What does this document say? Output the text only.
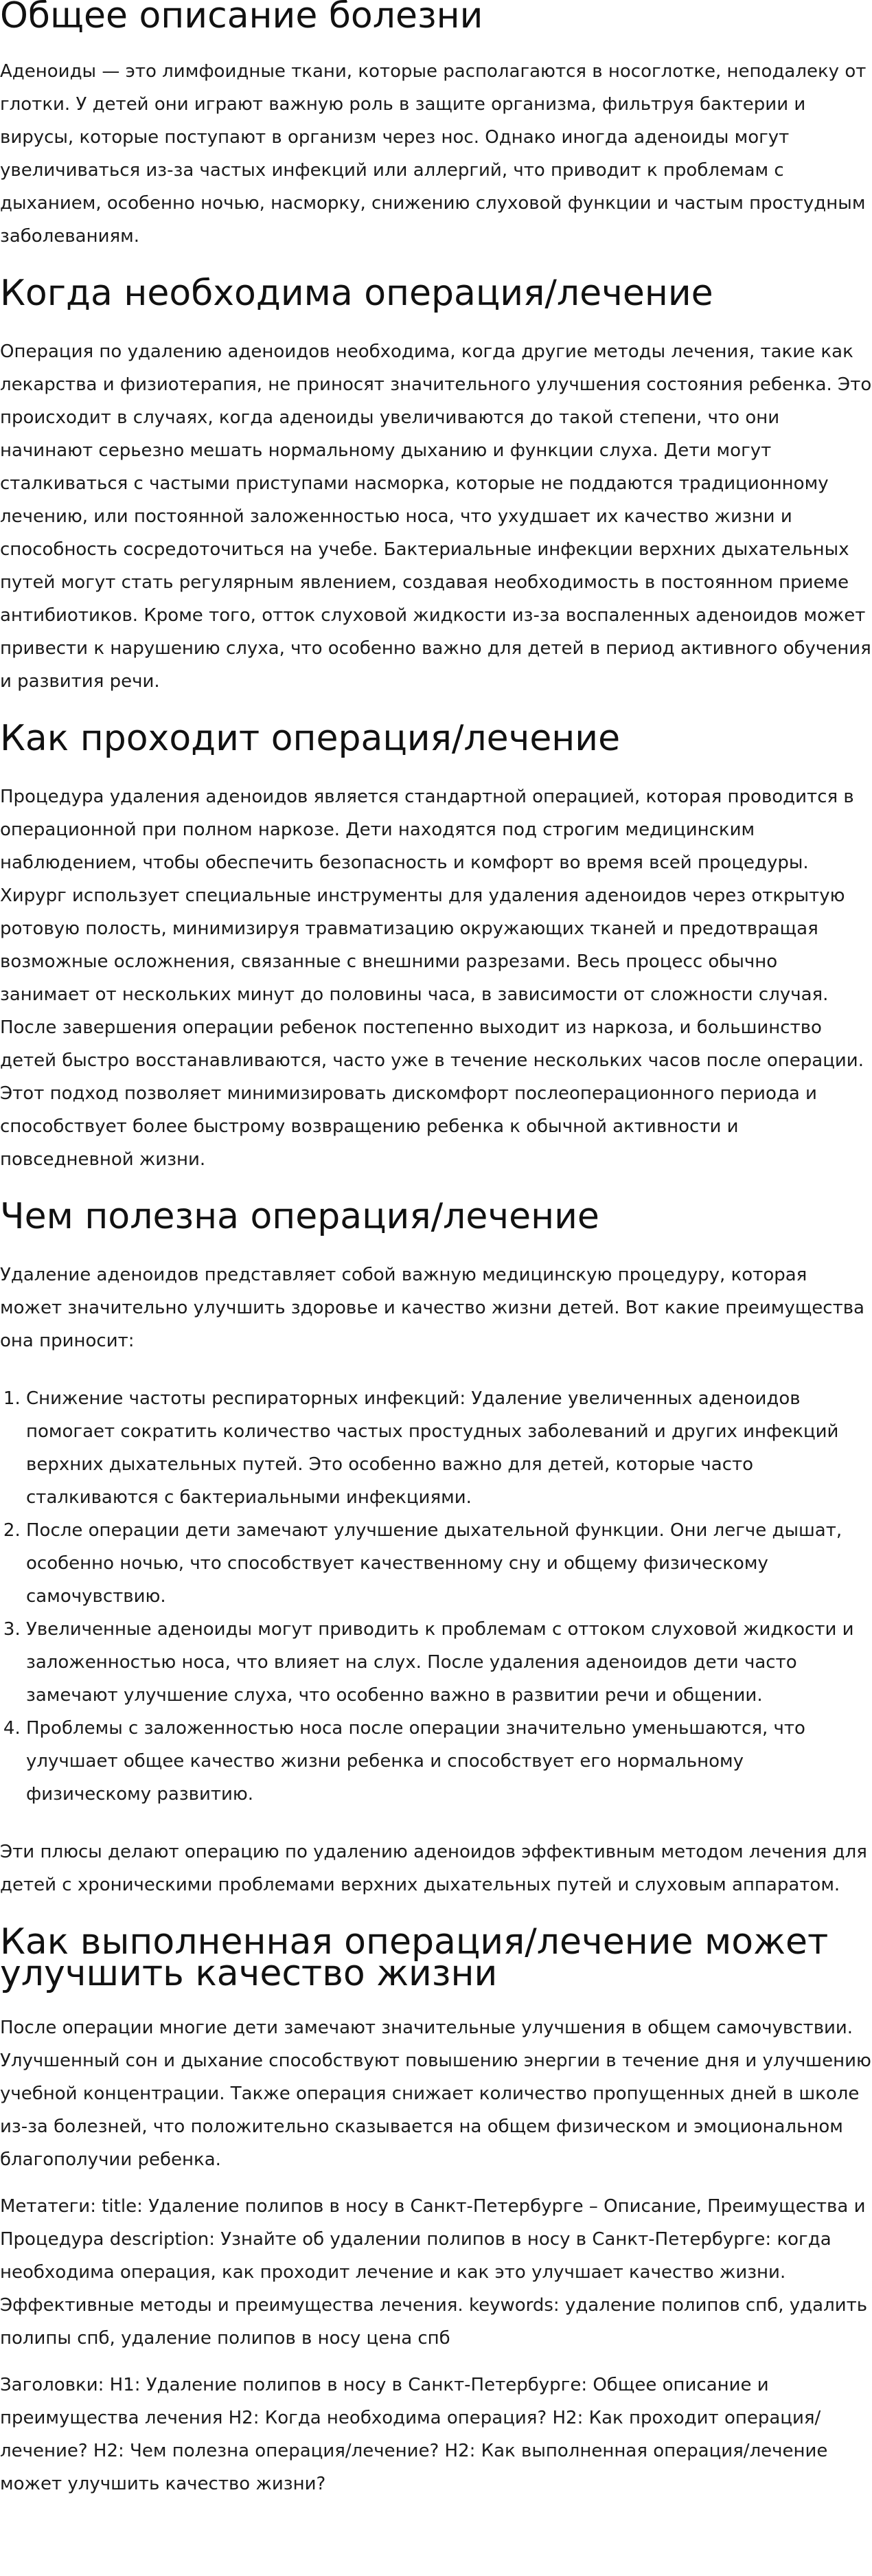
Общее описание болезни

Аденоиды — это лимфоидные ткани, которые располагаются в носоглотке, неподалеку от глотки. У детей они играют важную роль в защите организма, фильтруя бактерии и вирусы, которые поступают в организм через нос. Однако иногда аденоиды могут увеличиваться из-за частых инфекций или аллергий, что приводит к проблемам с дыханием, особенно ночью, насморку, снижению слуховой функции и частым простудным заболеваниям.

Когда необходима операция/лечение

Операция по удалению аденоидов необходима, когда другие методы лечения, такие как лекарства и физиотерапия, не приносят значительного улучшения состояния ребенка. Это происходит в случаях, когда аденоиды увеличиваются до такой степени, что они начинают серьезно мешать нормальному дыханию и функции слуха. Дети могут сталкиваться с частыми приступами насморка, которые не поддаются традиционному лечению, или постоянной заложенностью носа, что ухудшает их качество жизни и способность сосредоточиться на учебе. Бактериальные инфекции верхних дыхательных путей могут стать регулярным явлением, создавая необходимость в постоянном приеме антибиотиков. Кроме того, отток слуховой жидкости из-за воспаленных аденоидов может привести к нарушению слуха, что особенно важно для детей в период активного обучения и развития речи.

Как проходит операция/лечение

Процедура удаления аденоидов является стандартной операцией, которая проводится в операционной при полном наркозе. Дети находятся под строгим медицинским наблюдением, чтобы обеспечить безопасность и комфорт во время всей процедуры. Хирург использует специальные инструменты для удаления аденоидов через открытую ротовую полость, минимизируя травматизацию окружающих тканей и предотвращая возможные осложнения, связанные с внешними разрезами. Весь процесс обычно занимает от нескольких минут до половины часа, в зависимости от сложности случая. После завершения операции ребенок постепенно выходит из наркоза, и большинство детей быстро восстанавливаются, часто уже в течение нескольких часов после операции. Этот подход позволяет минимизировать дискомфорт послеоперационного периода и способствует более быстрому возвращению ребенка к обычной активности и повседневной жизни.

Чем полезна операция/лечение

Удаление аденоидов представляет собой важную медицинскую процедуру, которая может значительно улучшить здоровье и качество жизни детей. Вот какие преимущества она приносит:

1. Снижение частоты респираторных инфекций: Удаление увеличенных аденоидов помогает сократить количество частых простудных заболеваний и других инфекций верхних дыхательных путей. Это особенно важно для детей, которые часто сталкиваются с бактериальными инфекциями.
2. После операции дети замечают улучшение дыхательной функции. Они легче дышат, особенно ночью, что способствует качественному сну и общему физическому самочувствию.
3. Увеличенные аденоиды могут приводить к проблемам с оттоком слуховой жидкости и заложенностью носа, что влияет на слух. После удаления аденоидов дети часто замечают улучшение слуха, что особенно важно в развитии речи и общении.
4. Проблемы с заложенностью носа после операции значительно уменьшаются, что улучшает общее качество жизни ребенка и способствует его нормальному физическому развитию.

Эти плюсы делают операцию по удалению аденоидов эффективным методом лечения для детей с хроническими проблемами верхних дыхательных путей и слуховым аппаратом.

Как выполненная операция/лечение может улучшить качество жизни

После операции многие дети замечают значительные улучшения в общем самочувствии. Улучшенный сон и дыхание способствуют повышению энергии в течение дня и улучшению учебной концентрации. Также операция снижает количество пропущенных дней в школе из-за болезней, что положительно сказывается на общем физическом и эмоциональном благополучии ребенка.

Метатеги: title: Удаление полипов в носу в Санкт-Петербурге – Описание, Преимущества и Процедура description: Узнайте об удалении полипов в носу в Санкт-Петербурге: когда необходима операция, как проходит лечение и как это улучшает качество жизни. Эффективные методы и преимущества лечения. keywords: удаление полипов спб, удалить полипы спб, удаление полипов в носу цена спб

Заголовки: H1: Удаление полипов в носу в Санкт-Петербурге: Общее описание и преимущества лечения H2: Когда необходима операция? H2: Как проходит операция/лечение? H2: Чем полезна операция/лечение? H2: Как выполненная операция/лечение может улучшить качество жизни?
